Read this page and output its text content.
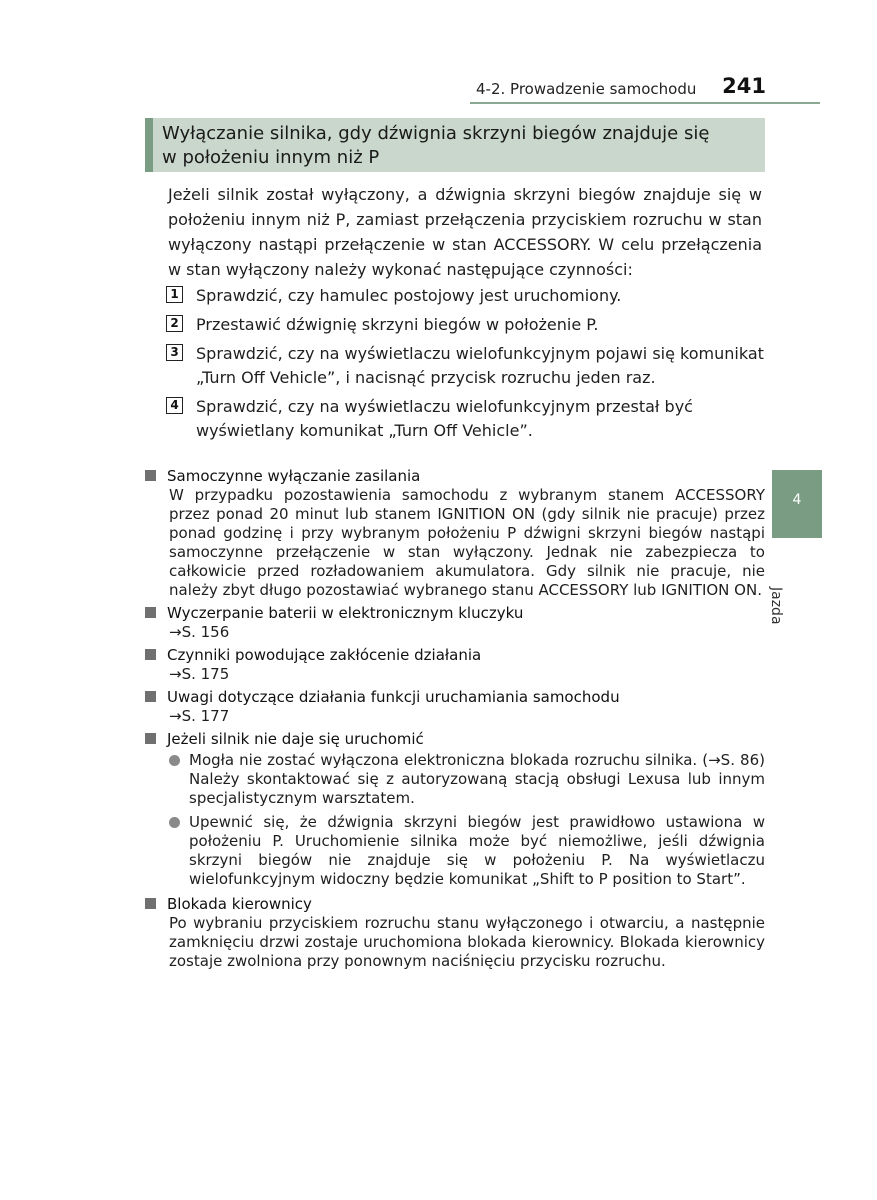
4-2. Prowadzenie samochodu 241
Wyłączanie silnika, gdy dźwignia skrzyni biegów znajduje się
w położeniu innym niż P
Jeżeli silnik został wyłączony, a dźwignia skrzyni biegów znajduje się w położeniu innym niż P, zamiast przełączenia przyciskiem rozruchu w stan wyłączony nastąpi przełączenie w stan ACCESSORY. W celu przełączenia w stan wyłączony należy wykonać następujące czynności:
1 Sprawdzić, czy hamulec postojowy jest uruchomiony.
2 Przestawić dźwignię skrzyni biegów w położenie P.
3 Sprawdzić, czy na wyświetlaczu wielofunkcyjnym pojawi się komunikat „Turn Off Vehicle”, i nacisnąć przycisk rozruchu jeden raz.
4 Sprawdzić, czy na wyświetlaczu wielofunkcyjnym przestał być wyświetlany komunikat „Turn Off Vehicle”.
Samoczynne wyłączanie zasilania
W przypadku pozostawienia samochodu z wybranym stanem ACCESSORY przez ponad 20 minut lub stanem IGNITION ON (gdy silnik nie pracuje) przez ponad godzinę i przy wybranym położeniu P dźwigni skrzyni biegów nastąpi samoczynne przełączenie w stan wyłączony. Jednak nie zabezpiecza to całkowicie przed rozładowaniem akumulatora. Gdy silnik nie pracuje, nie należy zbyt długo pozostawiać wybranego stanu ACCESSORY lub IGNITION ON.
Wyczerpanie baterii w elektronicznym kluczyku
→S. 156
Czynniki powodujące zakłócenie działania
→S. 175
Uwagi dotyczące działania funkcji uruchamiania samochodu
→S. 177
Jeżeli silnik nie daje się uruchomić
Mogła nie zostać wyłączona elektroniczna blokada rozruchu silnika. (→S. 86) Należy skontaktować się z autoryzowaną stacją obsługi Lexusa lub innym specjalistycznym warsztatem.
Upewnić się, że dźwignia skrzyni biegów jest prawidłowo ustawiona w położeniu P. Uruchomienie silnika może być niemożliwe, jeśli dźwignia skrzyni biegów nie znajduje się w położeniu P. Na wyświetlaczu wielofunkcyjnym widoczny będzie komunikat „Shift to P position to Start”.
Blokada kierownicy
Po wybraniu przyciskiem rozruchu stanu wyłączonego i otwarciu, a następnie zamknięciu drzwi zostaje uruchomiona blokada kierownicy. Blokada kierownicy zostaje zwolniona przy ponownym naciśnięciu przycisku rozruchu.
4
Jazda
